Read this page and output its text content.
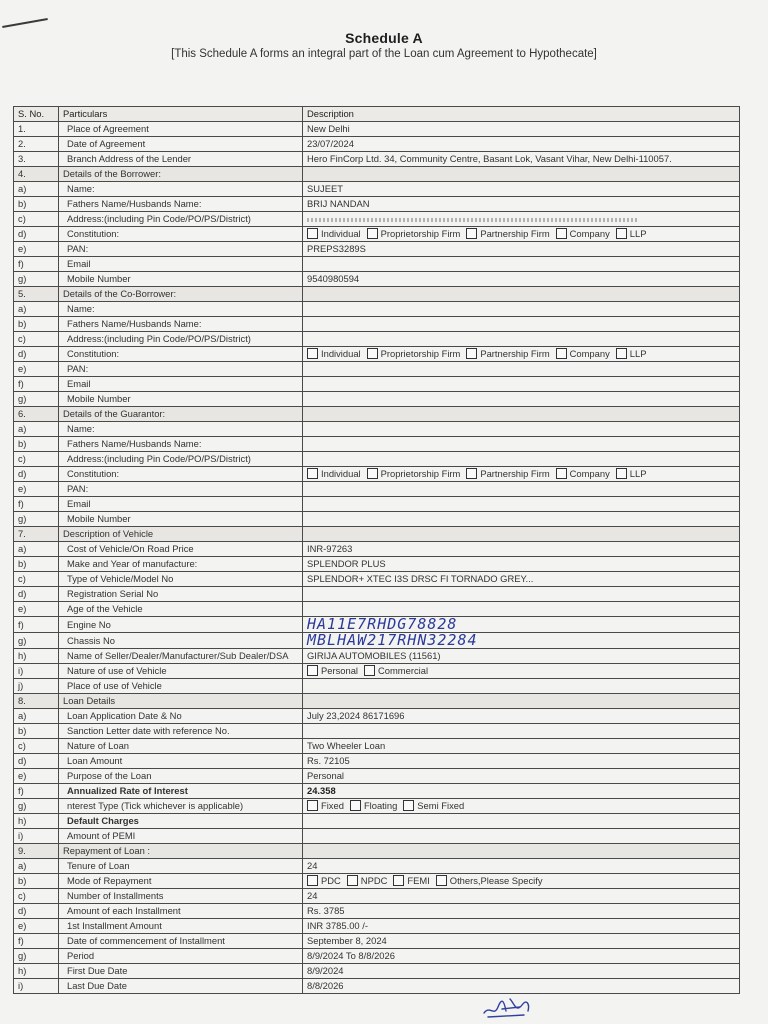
Schedule A
[This Schedule A forms an integral part of the Loan cum Agreement to Hypothecate]
S. No.	Particulars	Description
1.	Place of Agreement	New Delhi
2.	Date of Agreement	23/07/2024
3.	Branch Address of the Lender	Hero FinCorp Ltd. 34, Community Centre, Basant Lok, Vasant Vihar, New Delhi-110057.
4.	Details of the Borrower:	
a)	Name:	SUJEET
b)	Fathers Name/Husbands Name:	BRIJ NANDAN
c)	Address:(including Pin Code/PO/PS/District)	
d)	Constitution:	Individual Proprietorship Firm Partnership Firm Company LLP

e)	PAN:	PREPS3289S
f)	Email	
g)	Mobile Number	9540980594
5.	Details of the Co-Borrower:	
a)	Name:	
b)	Fathers Name/Husbands Name:	
c)	Address:(including Pin Code/PO/PS/District)	
d)	Constitution:	Individual Proprietorship Firm Partnership Firm Company LLP

e)	PAN:	
f)	Email	
g)	Mobile Number	
6.	Details of the Guarantor:	
a)	Name:	
b)	Fathers Name/Husbands Name:	
c)	Address:(including Pin Code/PO/PS/District)	
d)	Constitution:	Individual Proprietorship Firm Partnership Firm Company LLP

e)	PAN:	
f)	Email	
g)	Mobile Number	
7.	Description of Vehicle	
a)	Cost of Vehicle/On Road Price	INR-97263
b)	Make and Year of manufacture:	SPLENDOR PLUS
c)	Type of Vehicle/Model No	SPLENDOR+ XTEC I3S DRSC FI TORNADO GREY...
d)	Registration Serial No	
e)	Age of the Vehicle	
f)	Engine No	HA11E7RHDG78828
g)	Chassis No	MBLHAW217RHN32284
h)	Name of Seller/Dealer/Manufacturer/Sub Dealer/DSA	GIRIJA AUTOMOBILES (11561)
i)	Nature of use of Vehicle	Personal Commercial

j)	Place of use of Vehicle	
8.	Loan Details	
a)	Loan Application Date & No	July 23,2024 86171696
b)	Sanction Letter date with reference No.	
c)	Nature of Loan	Two Wheeler Loan
d)	Loan Amount	Rs. 72105
e)	Purpose of the Loan	Personal
f)	Annualized Rate of Interest	24.358
g)	nterest Type (Tick whichever is applicable)	Fixed Floating Semi Fixed

h)	Default Charges	
i)	Amount of PEMI	
9.	Repayment of Loan :	
a)	Tenure of Loan	24
b)	Mode of Repayment	PDC NPDC FEMI Others,Please Specify

c)	Number of Installments	24
d)	Amount of each Installment	Rs. 3785
e)	1st Installment Amount	INR 3785.00 /-
f)	Date of commencement of Installment	September 8, 2024
g)	Period	8/9/2024 To 8/8/2026
h)	First Due Date	8/9/2024
i)	Last Due Date	8/8/2026
